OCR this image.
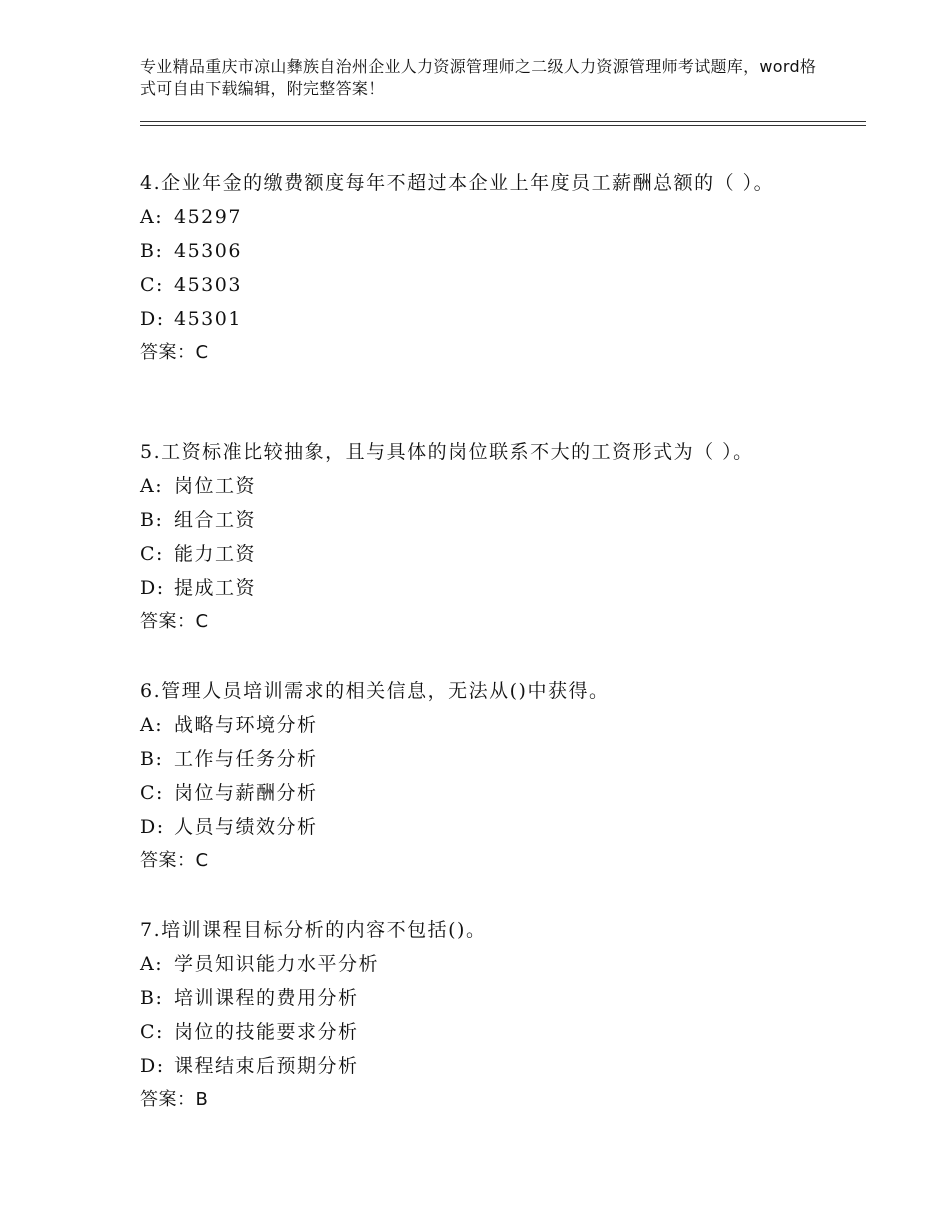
专业精品重庆市凉山彝族自治州企业人力资源管理师之二级人力资源管理师考试题库，word格式可自由下载编辑，附完整答案！
4.企业年金的缴费额度每年不超过本企业上年度员工薪酬总额的（ ）。
A: 45297
B: 45306
C: 45303
D: 45301
答案：C
5.工资标准比较抽象，且与具体的岗位联系不大的工资形式为（ ）。
A: 岗位工资
B: 组合工资
C: 能力工资
D: 提成工资
答案：C
6.管理人员培训需求的相关信息，无法从()中获得。
A: 战略与环境分析
B: 工作与任务分析
C: 岗位与薪酬分析
D: 人员与绩效分析
答案：C
7.培训课程目标分析的内容不包括()。
A: 学员知识能力水平分析
B: 培训课程的费用分析
C: 岗位的技能要求分析
D: 课程结束后预期分析
答案：B
